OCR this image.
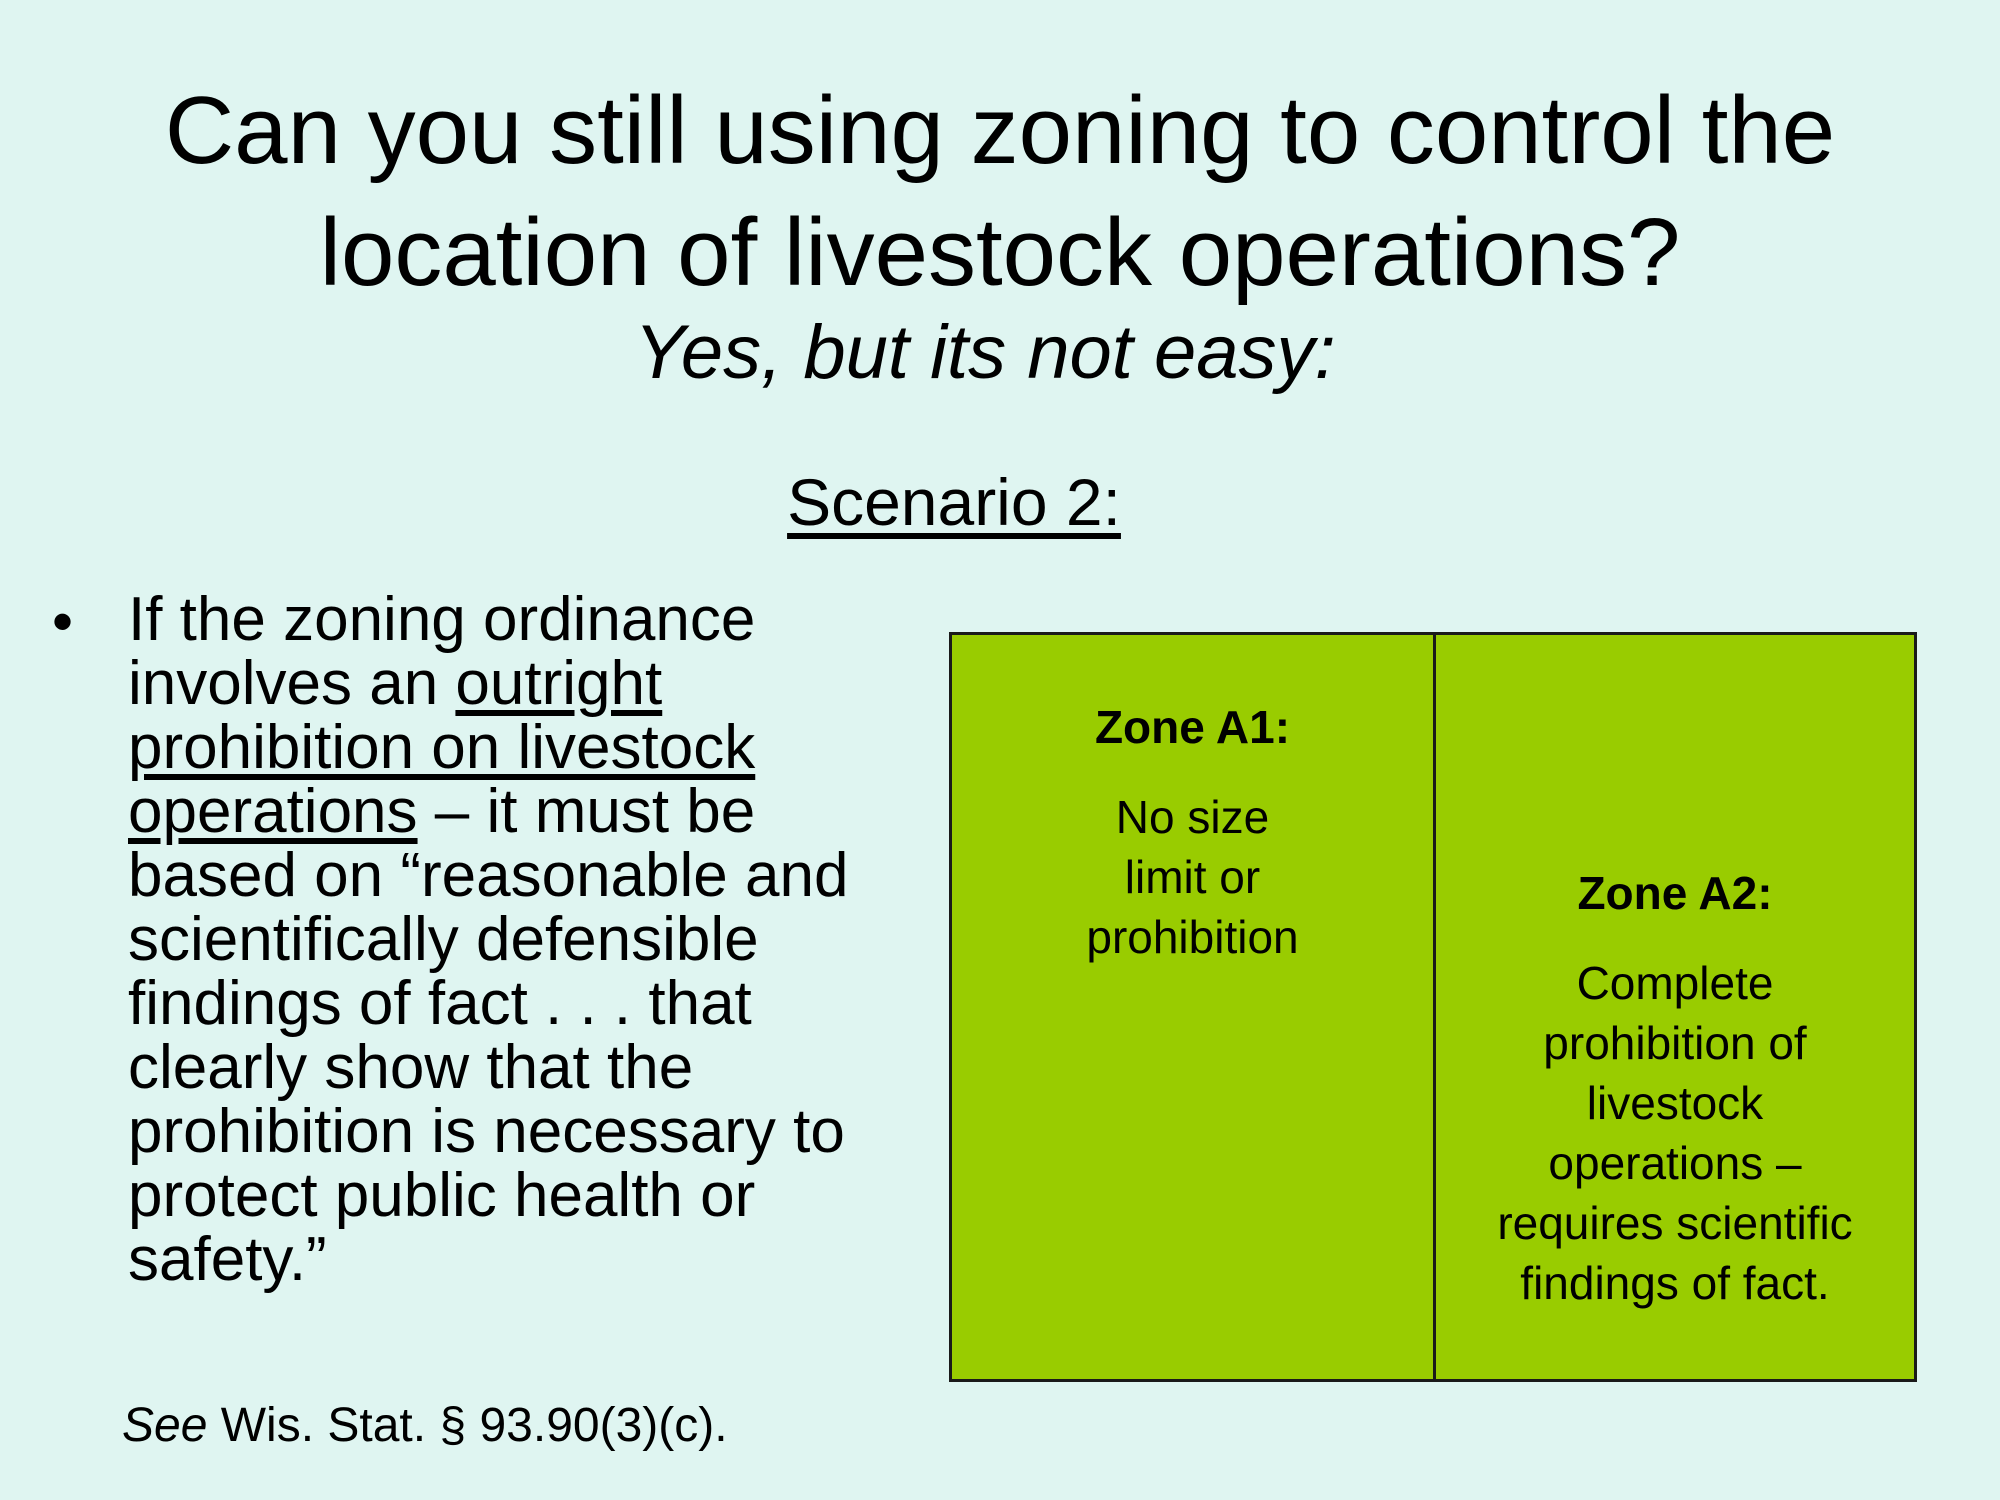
Can you still using zoning to control the
location of livestock operations?
Yes, but its not easy:
Scenario 2:
• If the zoning ordinance involves an outright prohibition on livestock operations – it must be based on “reasonable and scientifically defensible findings of fact . . . that clearly show that the prohibition is necessary to protect public health or safety.”
See Wis. Stat. § 93.90(3)(c).
Zone A1:
No size
limit or
prohibition
Zone A2:
Complete
prohibition of
livestock
operations –
requires scientific
findings of fact.
